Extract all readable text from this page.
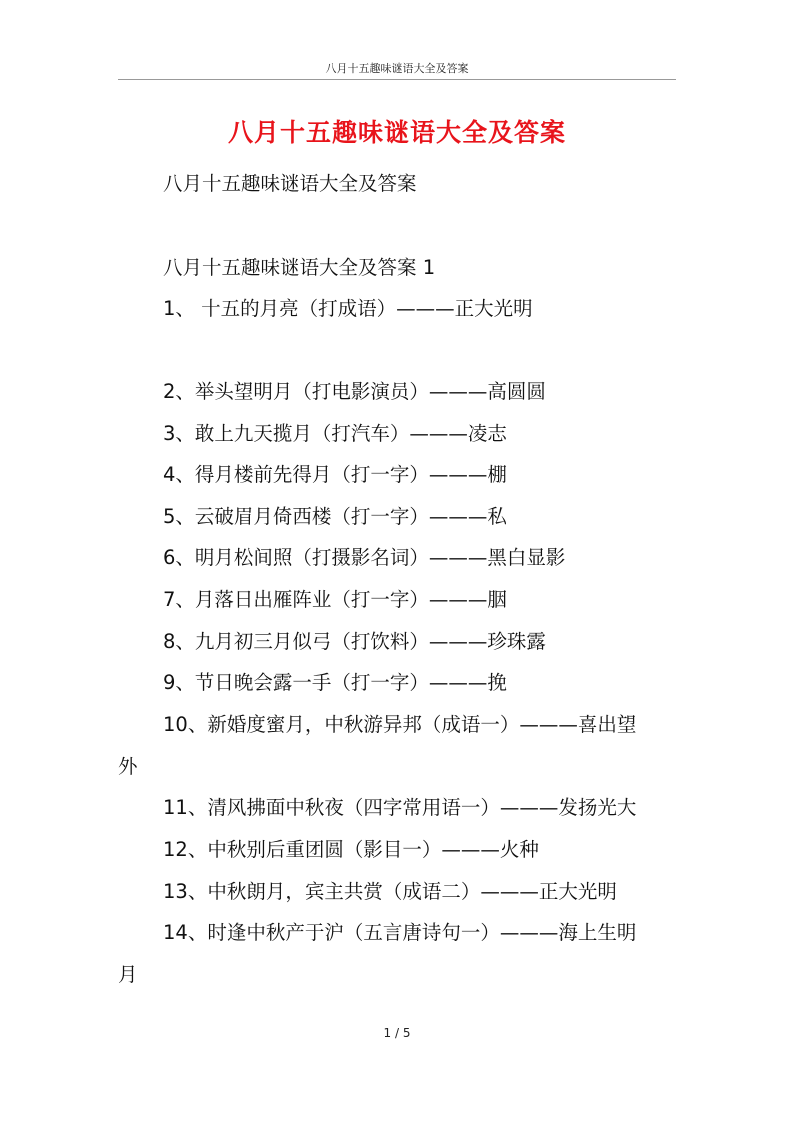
八月十五趣味谜语大全及答案
八月十五趣味谜语大全及答案
八月十五趣味谜语大全及答案
八月十五趣味谜语大全及答案 1
1、 十五的月亮（打成语）———正大光明
2、举头望明月（打电影演员）———高圆圆
3、敢上九天揽月（打汽车）———凌志
4、得月楼前先得月（打一字）———棚
5、云破眉月倚西楼（打一字）———私
6、明月松间照（打摄影名词）———黑白显影
7、月落日出雁阵业（打一字）———胭
8、九月初三月似弓（打饮料）———珍珠露
9、节日晚会露一手（打一字）———挽
10、新婚度蜜月，中秋游异邦（成语一）———喜出望
外
11、清风拂面中秋夜（四字常用语一）———发扬光大
12、中秋别后重团圆（影目一）———火种
13、中秋朗月，宾主共赏（成语二）———正大光明
14、时逢中秋产于沪（五言唐诗句一）———海上生明
月
1 / 5
